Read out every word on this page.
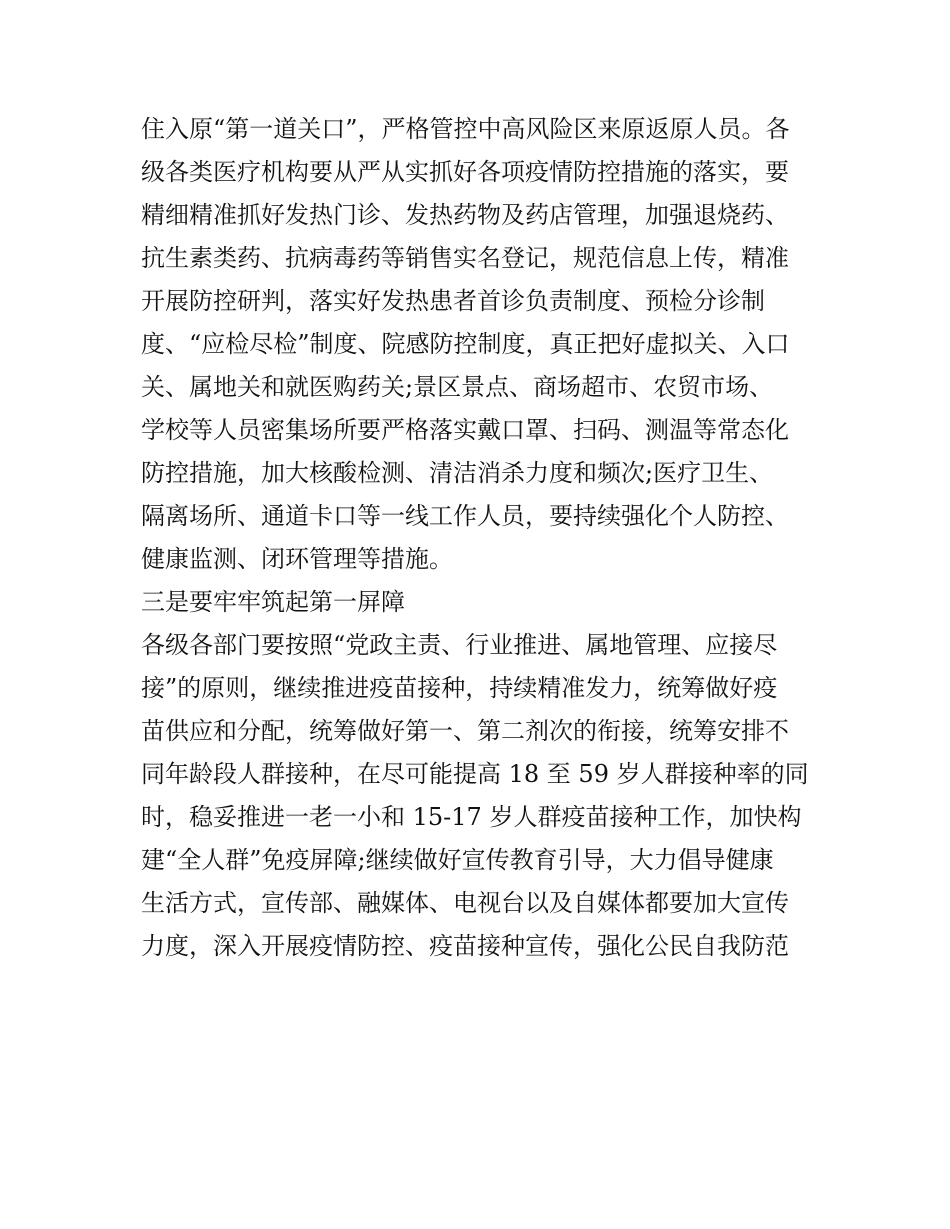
住入原“第一道关口”，严格管控中高风险区来原返原人员。各
级各类医疗机构要从严从实抓好各项疫情防控措施的落实，要
精细精准抓好发热门诊、发热药物及药店管理，加强退烧药、
抗生素类药、抗病毒药等销售实名登记，规范信息上传，精准
开展防控研判，落实好发热患者首诊负责制度、预检分诊制
度、“应检尽检”制度、院感防控制度，真正把好虚拟关、入口
关、属地关和就医购药关;景区景点、商场超市、农贸市场、
学校等人员密集场所要严格落实戴口罩、扫码、测温等常态化
防控措施，加大核酸检测、清洁消杀力度和频次;医疗卫生、
隔离场所、通道卡口等一线工作人员，要持续强化个人防控、
健康监测、闭环管理等措施。
三是要牢牢筑起第一屏障
各级各部门要按照“党政主责、行业推进、属地管理、应接尽
接”的原则，继续推进疫苗接种，持续精准发力，统筹做好疫
苗供应和分配，统筹做好第一、第二剂次的衔接，统筹安排不
同年龄段人群接种，在尽可能提高 18 至 59 岁人群接种率的同
时，稳妥推进一老一小和 15-17 岁人群疫苗接种工作，加快构
建“全人群”免疫屏障;继续做好宣传教育引导，大力倡导健康
生活方式，宣传部、融媒体、电视台以及自媒体都要加大宣传
力度，深入开展疫情防控、疫苗接种宣传，强化公民自我防范
